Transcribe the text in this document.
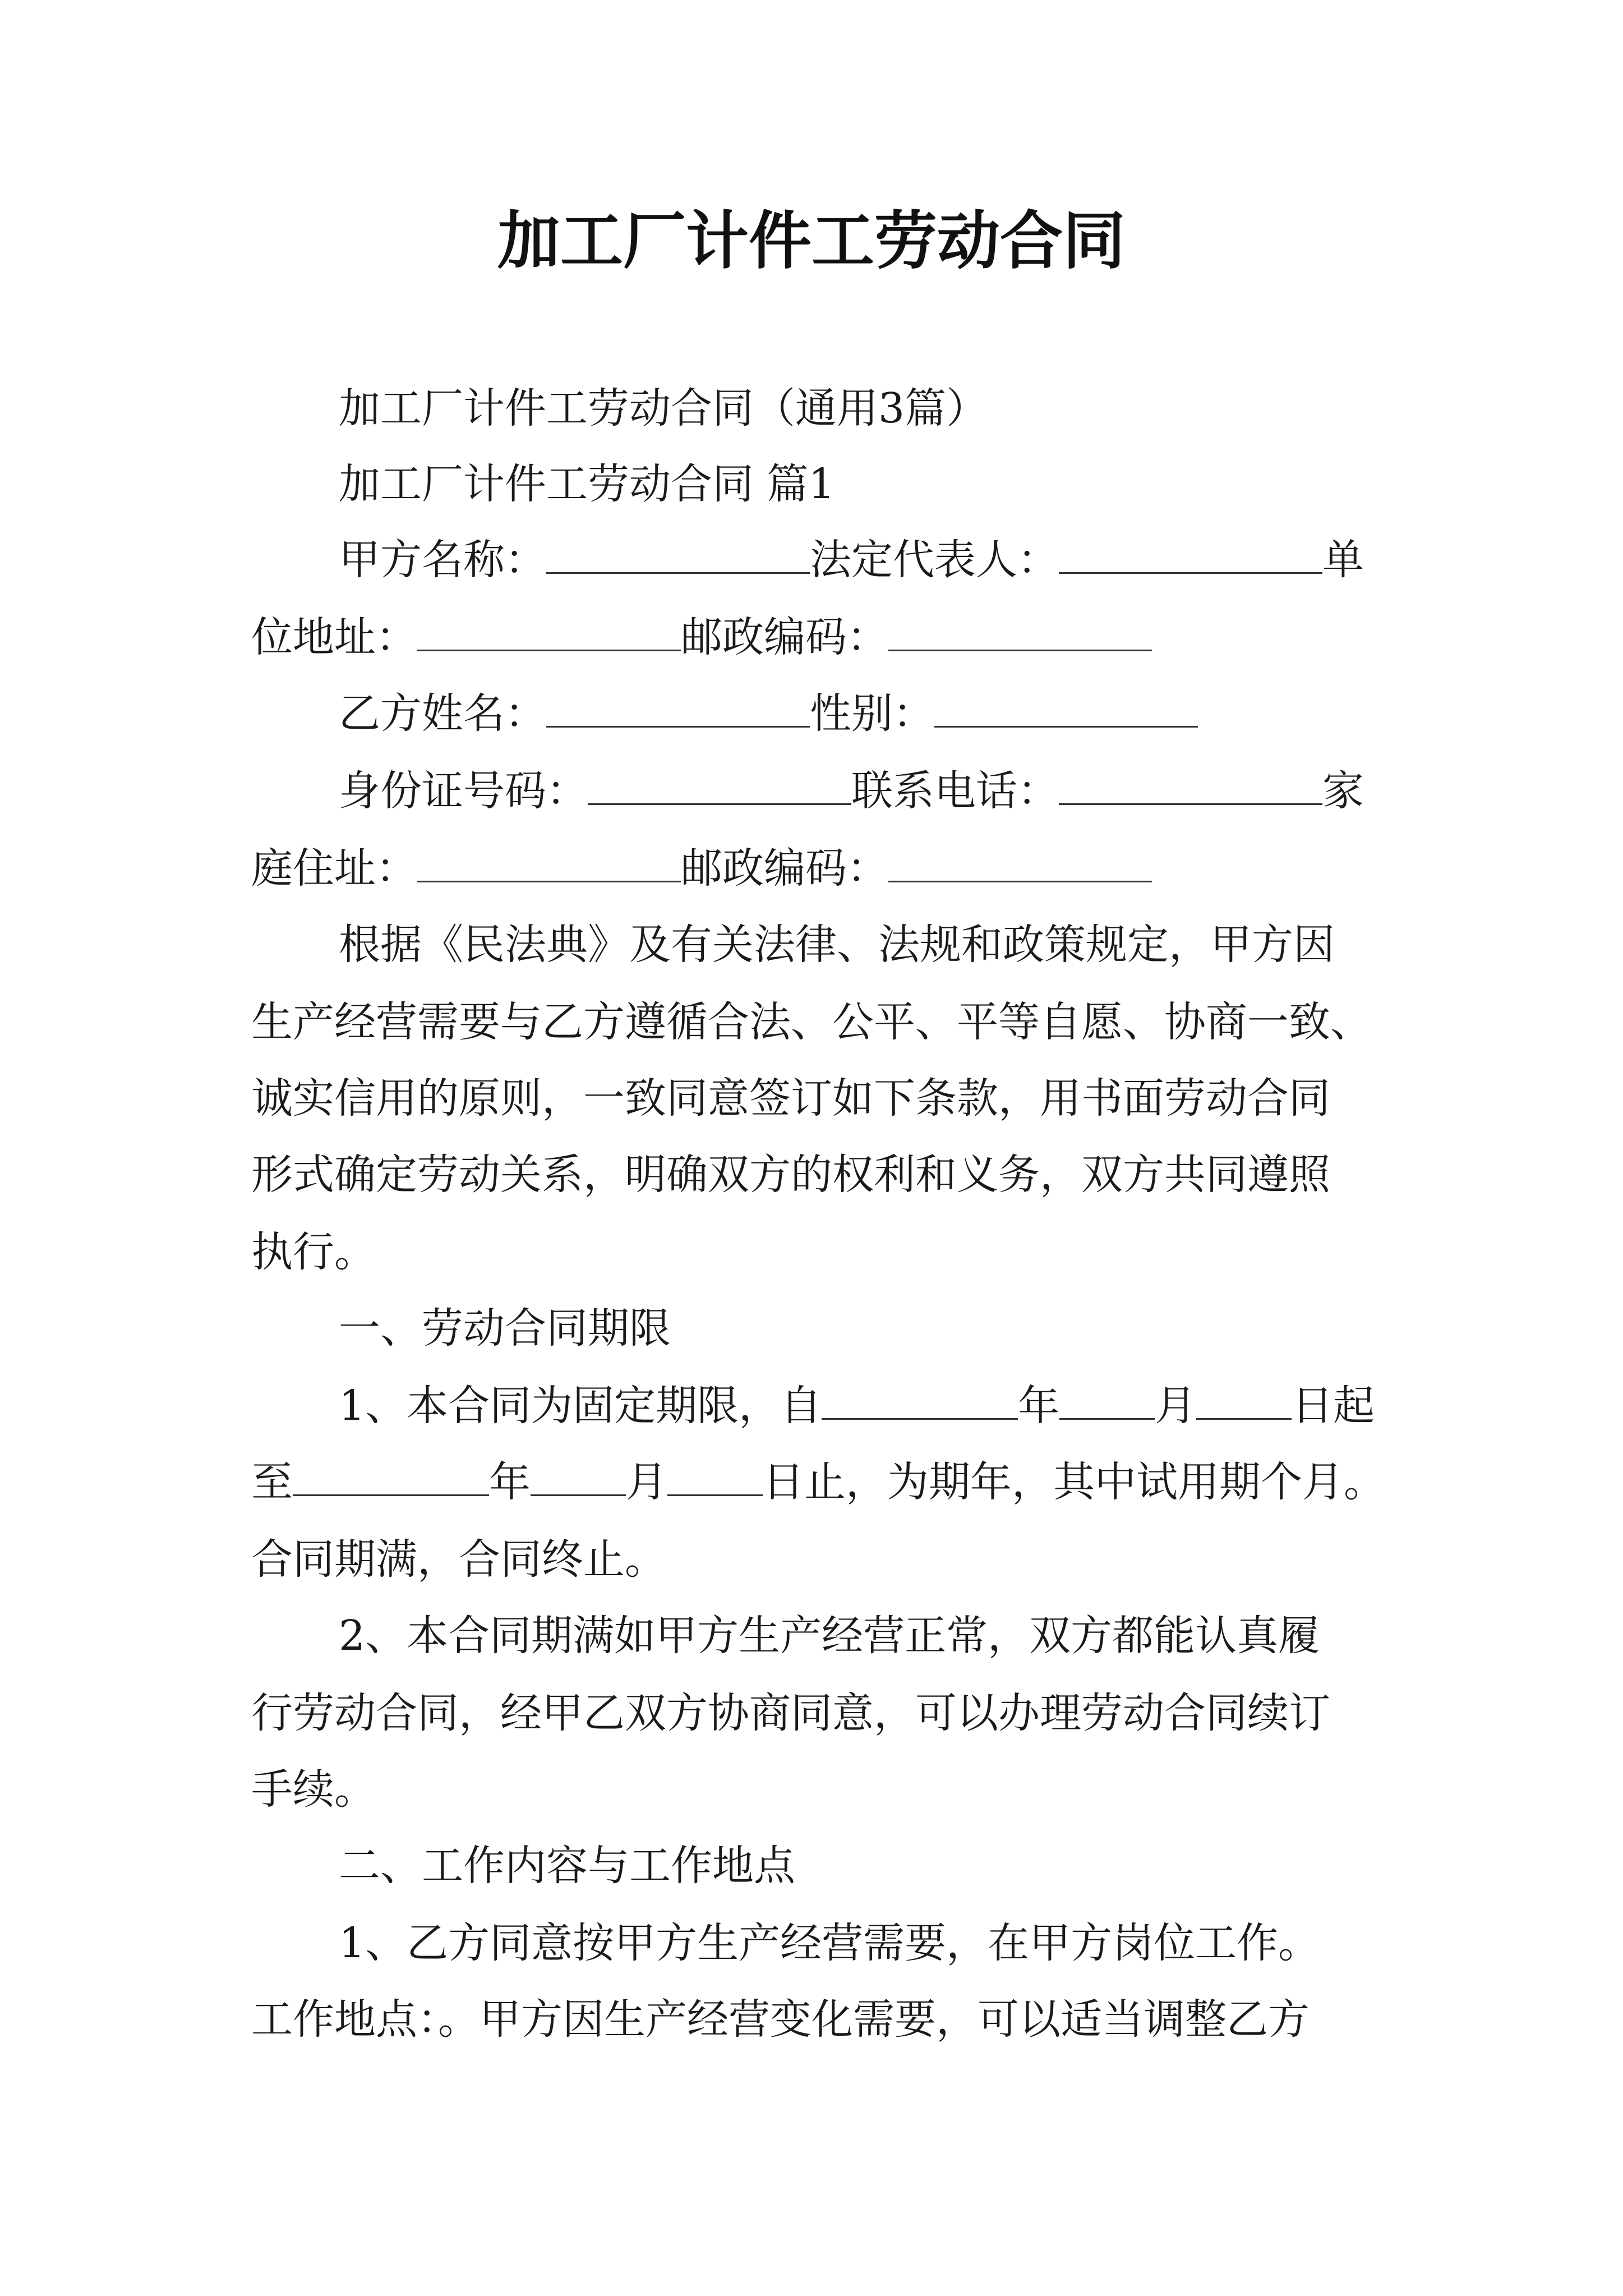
加工厂计件工劳动合同

加工厂计件工劳动合同（通用3篇）

加工厂计件工劳动合同 篇1

甲方名称：	法定代表人：	单

位地址：	邮政编码：

乙方姓名：	性别：

身份证号码：	联系电话：	家

庭住址：	邮政编码：

根据《民法典》及有关法律、法规和政策规定，甲方因

生产经营需要与乙方遵循合法、公平、平等自愿、协商一致、

诚实信用的原则，一致同意签订如下条款，用书面劳动合同

形式确定劳动关系，明确双方的权利和义务，双方共同遵照

执行。

一、劳动合同期限

1、本合同为固定期限，自	年 月 日起

至	年 月 日止，为期年，其中试用期个月。

合同期满，合同终止。

2、本合同期满如甲方生产经营正常，双方都能认真履

行劳动合同，经甲乙双方协商同意，可以办理劳动合同续订

手续。

二、工作内容与工作地点

1、乙方同意按甲方生产经营需要，在甲方岗位工作。

工作地点：。甲方因生产经营变化需要，可以适当调整乙方
